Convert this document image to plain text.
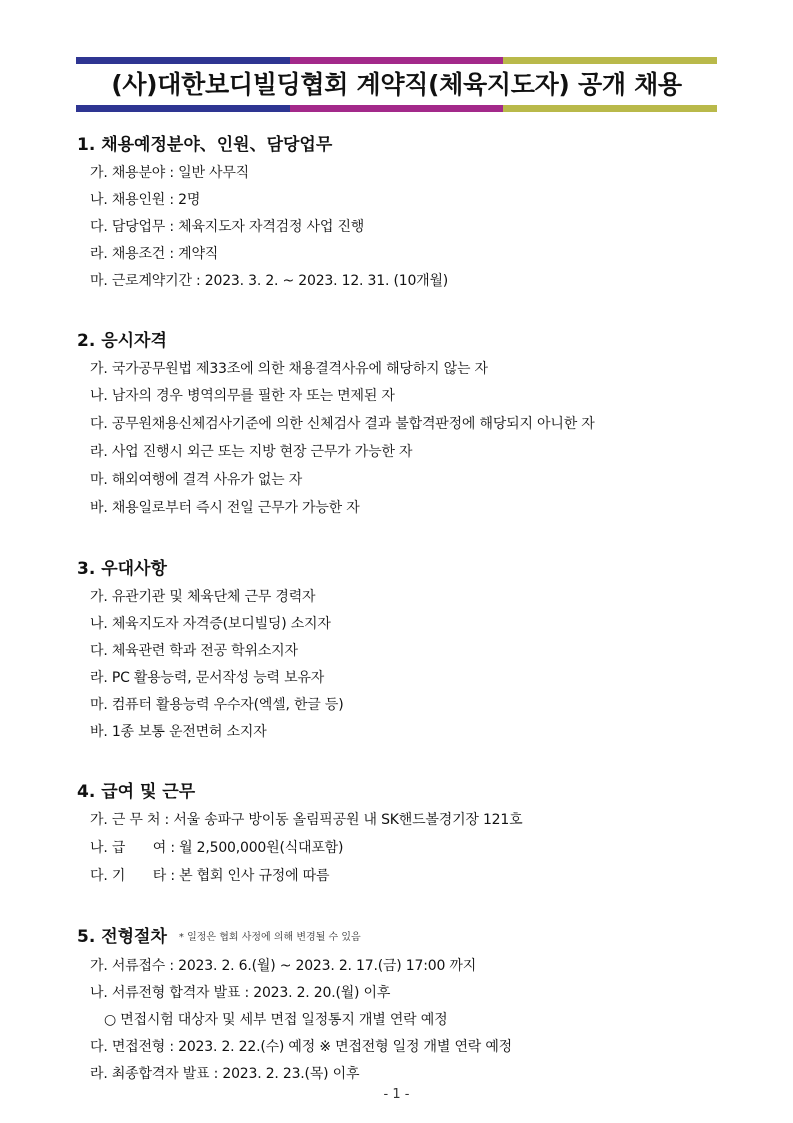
(사)대한보디빌딩협회 계약직(체육지도자) 공개 채용
1. 채용예정분야、인원、담당업무
가. 채용분야 : 일반 사무직
나. 채용인원 : 2명
다. 담당업무 : 체육지도자 자격검정 사업 진행
라. 채용조건 : 계약직
마. 근로계약기간 : 2023. 3. 2. ~ 2023. 12. 31. (10개월)
2. 응시자격
가. 국가공무원법 제33조에 의한 채용결격사유에 해당하지 않는 자
나. 남자의 경우 병역의무를 필한 자 또는 면제된 자
다. 공무원채용신체검사기준에 의한 신체검사 결과 불합격판정에 해당되지 아니한 자
라. 사업 진행시 외근 또는 지방 현장 근무가 가능한 자
마. 해외여행에 결격 사유가 없는 자
바. 채용일로부터 즉시 전일 근무가 가능한 자
3. 우대사항
가. 유관기관 및 체육단체 근무 경력자
나. 체육지도자 자격증(보디빌딩) 소지자
다. 체육관련 학과 전공 학위소지자
라. PC 활용능력, 문서작성 능력 보유자
마. 컴퓨터 활용능력 우수자(엑셀, 한글 등)
바. 1종 보통 운전면허 소지자
4. 급여 및 근무
가. 근 무 처 : 서울 송파구 방이동 올림픽공원 내 SK핸드볼경기장 121호
나. 급　　여 : 월 2,500,000원(식대포함)
다. 기　　타 : 본 협회 인사 규정에 따름
5. 전형절차 * 일정은 협회 사정에 의해 변경될 수 있음
가. 서류접수 : 2023. 2. 6.(월) ~ 2023. 2. 17.(금) 17:00 까지
나. 서류전형 합격자 발표 : 2023. 2. 20.(월) 이후
○ 면접시험 대상자 및 세부 면접 일정통지 개별 연락 예정
다. 면접전형 : 2023. 2. 22.(수) 예정 ※ 면접전형 일정 개별 연락 예정
라. 최종합격자 발표 : 2023. 2. 23.(목) 이후
- 1 -
